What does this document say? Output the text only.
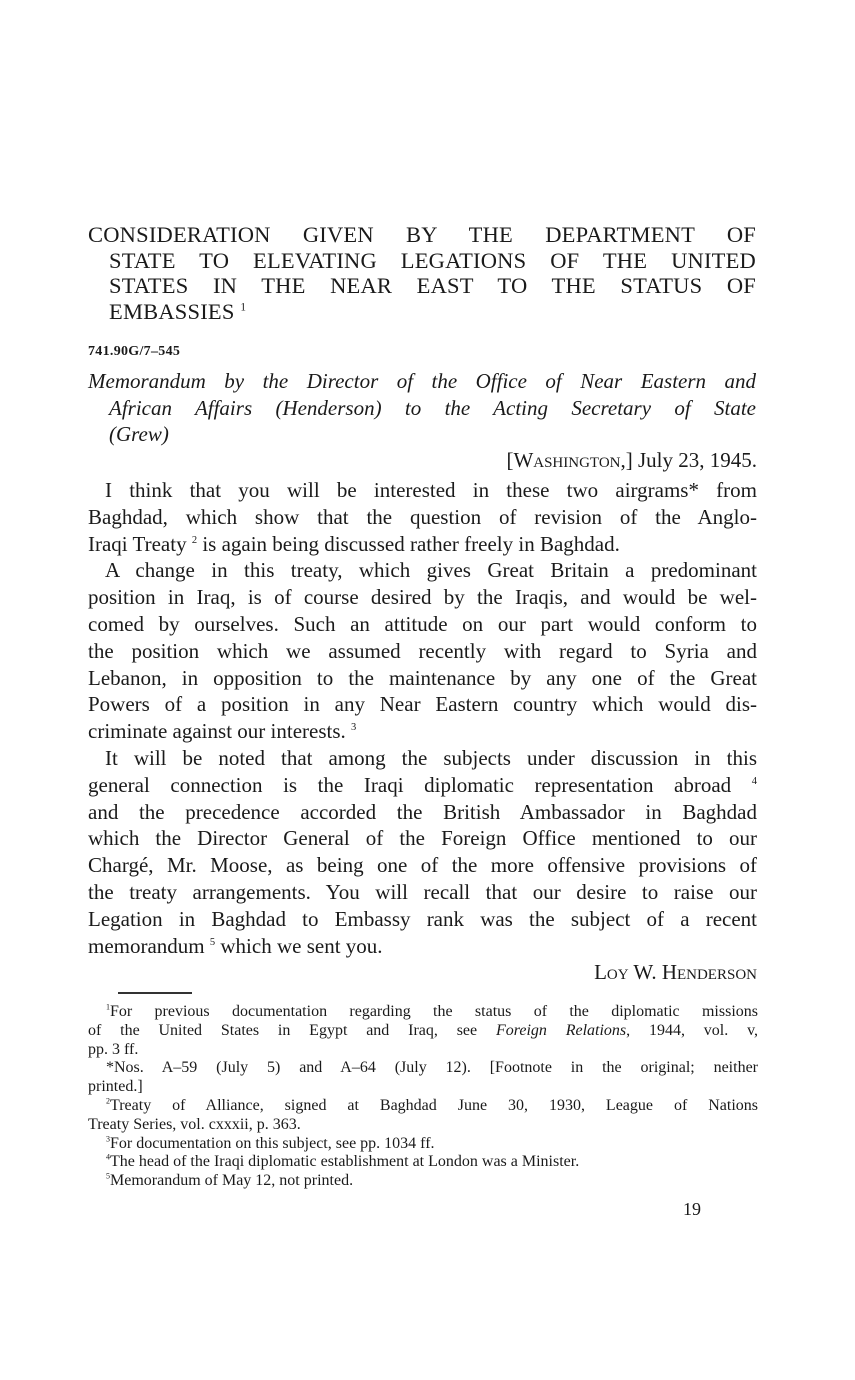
CONSIDERATION GIVEN BY THE DEPARTMENT OF
STATE TO ELEVATING LEGATIONS OF THE UNITED
STATES IN THE NEAR EAST TO THE STATUS OF
EMBASSIES $^1$
741.90G/7–545
Memorandum by the Director of the Office of Near Eastern and
African Affairs (Henderson) to the Acting Secretary of State
(Grew)
[Washington,] July 23, 1945.
I think that you will be interested in these two airgrams* from
Baghdad, which show that the question of revision of the Anglo-
Iraqi Treaty $^2$ is again being discussed rather freely in Baghdad.
A change in this treaty, which gives Great Britain a predominant
position in Iraq, is of course desired by the Iraqis, and would be wel-
comed by ourselves. Such an attitude on our part would conform to
the position which we assumed recently with regard to Syria and
Lebanon, in opposition to the maintenance by any one of the Great
Powers of a position in any Near Eastern country which would dis-
criminate against our interests. $^3$
It will be noted that among the subjects under discussion in this
general connection is the Iraqi diplomatic representation abroad $^4$
and the precedence accorded the British Ambassador in Baghdad
which the Director General of the Foreign Office mentioned to our
Chargé, Mr. Moose, as being one of the more offensive provisions of
the treaty arrangements. You will recall that our desire to raise our
Legation in Baghdad to Embassy rank was the subject of a recent
memorandum $^5$ which we sent you.
Loy W. Henderson
$^1$For previous documentation regarding the status of the diplomatic missions
of the United States in Egypt and Iraq, see Foreign Relations, 1944, vol. v,
pp. 3 ff.
*Nos. A–59 (July 5) and A–64 (July 12). [Footnote in the original; neither
printed.]
$^2$Treaty of Alliance, signed at Baghdad June 30, 1930, League of Nations
Treaty Series, vol. cxxxii, p. 363.
$^3$For documentation on this subject, see pp. 1034 ff.
$^4$The head of the Iraqi diplomatic establishment at London was a Minister.
$^5$Memorandum of May 12, not printed.
19
